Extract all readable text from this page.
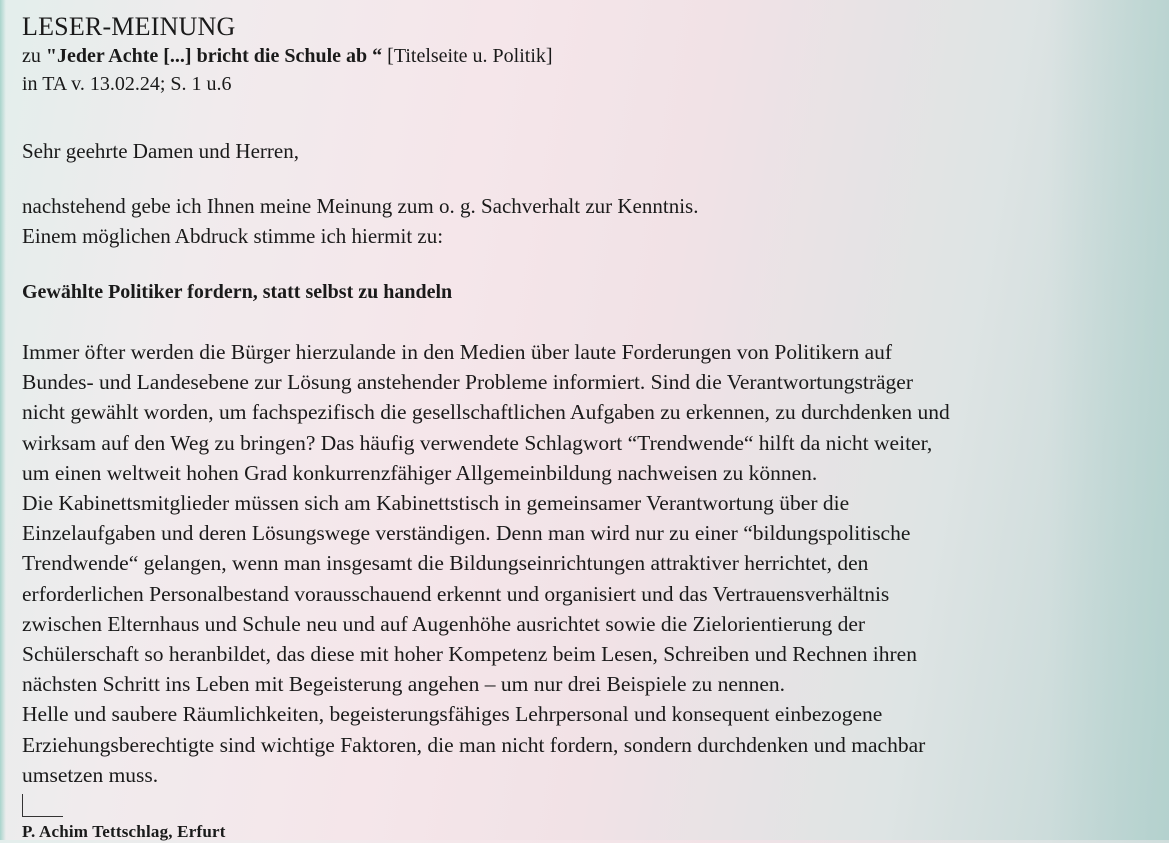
LESER-MEINUNG
zu "Jeder Achte [...] bricht die Schule ab “ [Titelseite u. Politik]
in TA v. 13.02.24; S. 1 u.6
Sehr geehrte Damen und Herren,
nachstehend gebe ich Ihnen meine Meinung zum o. g. Sachverhalt zur Kenntnis.
Einem möglichen Abdruck stimme ich hiermit zu:
Gewählte Politiker fordern, statt selbst zu handeln
Immer öfter werden die Bürger hierzulande in den Medien über laute Forderungen von Politikern auf
Bundes- und Landesebene zur Lösung anstehender Probleme informiert. Sind die Verantwortungsträger
nicht gewählt worden, um fachspezifisch die gesellschaftlichen Aufgaben zu erkennen, zu durchdenken und
wirksam auf den Weg zu bringen? Das häufig verwendete Schlagwort “Trendwende“ hilft da nicht weiter,
um einen weltweit hohen Grad konkurrenzfähiger Allgemeinbildung nachweisen zu können.
Die Kabinettsmitglieder müssen sich am Kabinettstisch in gemeinsamer Verantwortung über die
Einzelaufgaben und deren Lösungswege verständigen. Denn man wird nur zu einer “bildungspolitische
Trendwende“ gelangen, wenn man insgesamt die Bildungseinrichtungen attraktiver herrichtet, den
erforderlichen Personalbestand vorausschauend erkennt und organisiert und das Vertrauensverhältnis
zwischen Elternhaus und Schule neu und auf Augenhöhe ausrichtet sowie die Zielorientierung der
Schülerschaft so heranbildet, das diese mit hoher Kompetenz beim Lesen, Schreiben und Rechnen ihren
nächsten Schritt ins Leben mit Begeisterung angehen – um nur drei Beispiele zu nennen.
Helle und saubere Räumlichkeiten, begeisterungsfähiges Lehrpersonal und konsequent einbezogene
Erziehungsberechtigte sind wichtige Faktoren, die man nicht fordern, sondern durchdenken und machbar
umsetzen muss.
P. Achim Tettschlag, Erfurt
